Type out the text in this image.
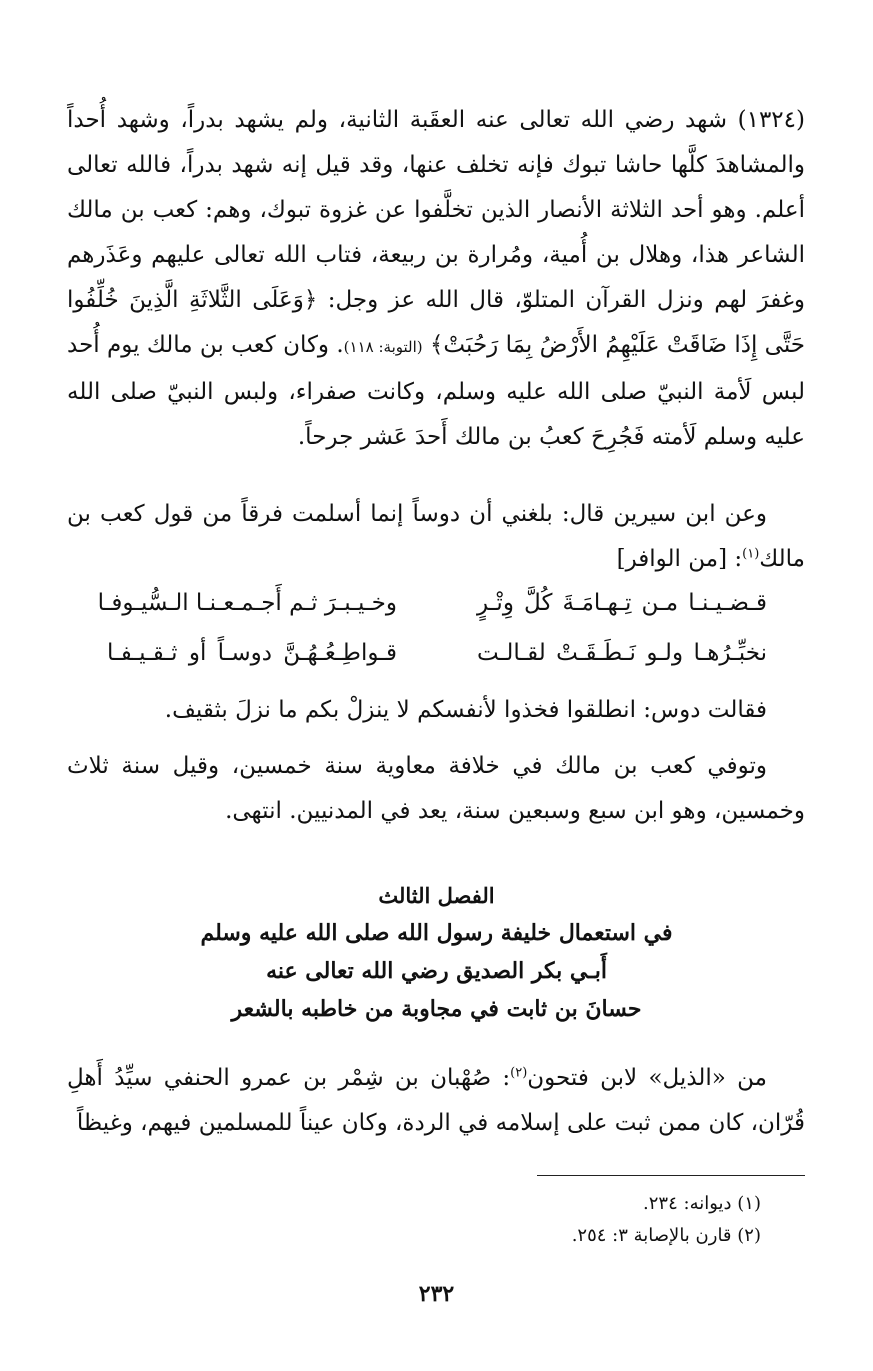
(١٣٢٤) شهد رضي الله تعالى عنه العقَبة الثانية، ولم يشهد بدراً، وشهد أُحداً والمشاهدَ كلَّها حاشا تبوك فإنه تخلف عنها، وقد قيل إنه شهد بدراً، فالله تعالى أعلم. وهو أحد الثلاثة الأنصار الذين تخلَّفوا عن غزوة تبوك، وهم: كعب بن مالك الشاعر هذا، وهلال بن أُمية، ومُرارة بن ربيعة، فتاب الله تعالى عليهم وعَذَرهم وغفرَ لهم ونزل القرآن المتلوّ، قال الله عز وجل: ﴿وَعَلَى الثَّلاثَةِ الَّذِينَ خُلِّفُوا حَتَّى إِذَا ضَاقَتْ عَلَيْهِمُ الأَرْضُ بِمَا رَحُبَتْ﴾ (التوبة: ١١٨). وكان كعب بن مالك يوم أُحد لبس لَأمة النبيّ صلى الله عليه وسلم، وكانت صفراء، ولبس النبيّ صلى الله عليه وسلم لَأمته فَجُرِحَ كعبُ بن مالك أَحدَ عَشر جرحاً.
وعن ابن سيرين قال: بلغني أن دوساً إنما أسلمت فرقاً من قول كعب بن مالك$^{(١)}$: [من الوافر]
قـضـيـنـا مـن تِـهـامَـةَ كُلَّ وِتْـرٍ
وخـيـبـرَ ثـم أَجـمـعـنـا الـسُّيـوفـا
نخبِّـرُهـا ولـو نَـطَـقَـتْ لقـالـت
قـواطِـعُـهُـنَّ دوسـاً أو ثـقـيـفـا
فقالت دوس: انطلقوا فخذوا لأنفسكم لا ينزلْ بكم ما نزلَ بثقيف.
وتوفي كعب بن مالك في خلافة معاوية سنة خمسين، وقيل سنة ثلاث وخمسين، وهو ابن سبع وسبعين سنة، يعد في المدنيين. انتهى.
الفصل الثالث
في استعمال خليفة رسول الله صلى الله عليه وسلم
أَبـي بكر الصديق رضي الله تعالى عنه
حسانَ بن ثابت في مجاوبة من خاطبه بالشعر
من «الذيل» لابن فتحون$^{(٢)}$: صُهْبان بن شِمْر بن عمرو الحنفي سيِّدُ أَهلِ قُرّان، كان ممن ثبت على إسلامه في الردة، وكان عيناً للمسلمين فيهم، وغيظاً
(١) ديوانه: ٢٣٤.
(٢) قارن بالإصابة ٣: ٢٥٤.
٢٣٢
